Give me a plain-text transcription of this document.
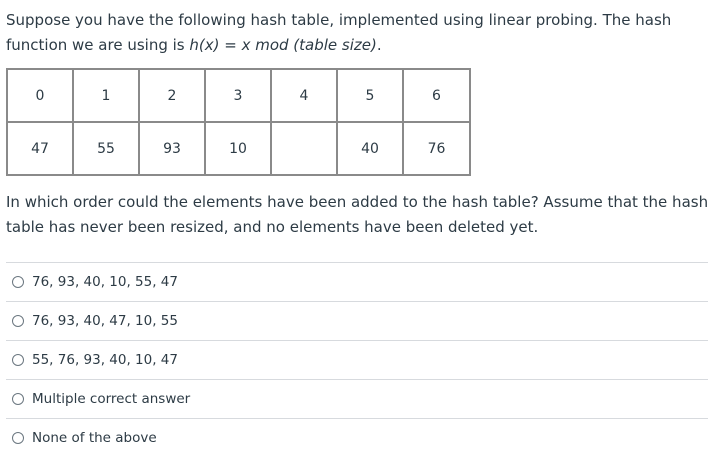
Suppose you have the following hash table, implemented using linear probing. The hash function we are using is h(x) = x mod (table size).

0	1	2	3	4	5	6
47	55	93	10		40	76

In which order could the elements have been added to the hash table? Assume that the hash table has never been resized, and no elements have been deleted yet.

76, 93, 40, 10, 55, 47
76, 93, 40, 47, 10, 55
55, 76, 93, 40, 10, 47
Multiple correct answer
None of the above
